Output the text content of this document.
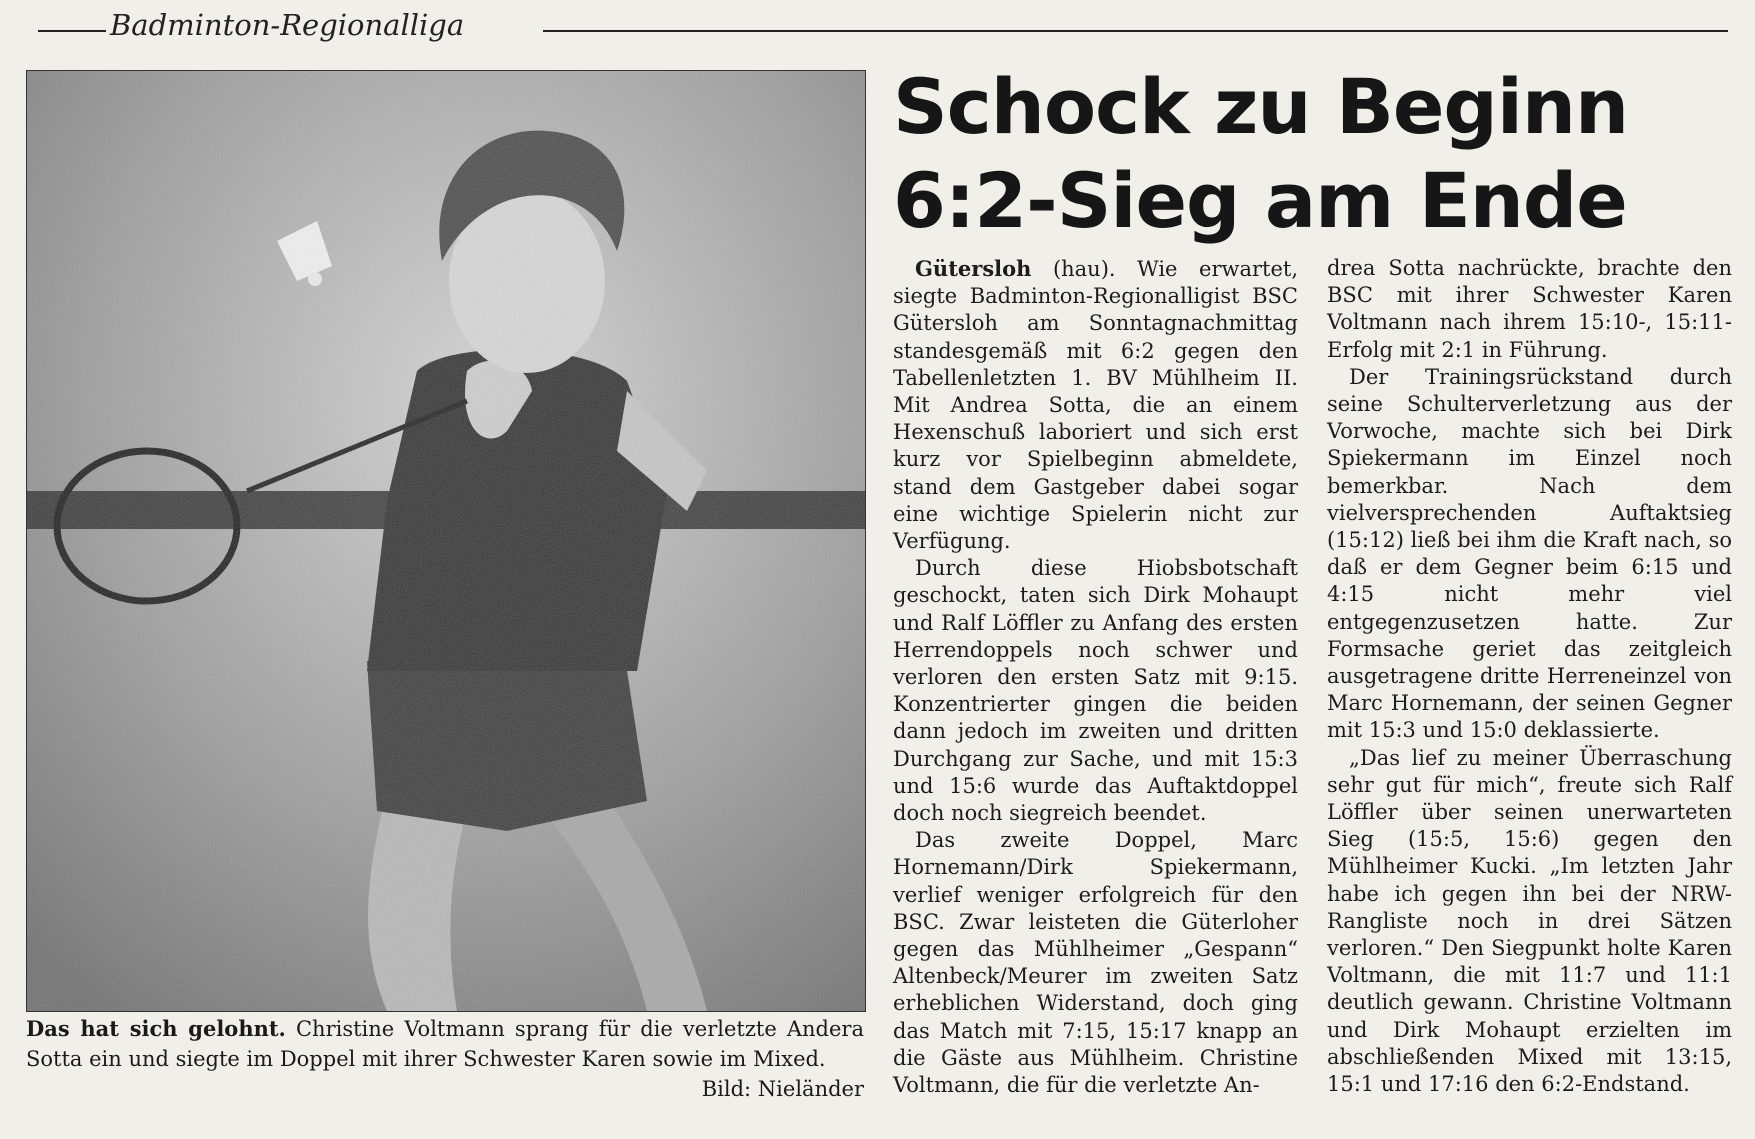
Badminton-Regionalliga
Das hat sich gelohnt. Christine Voltmann sprang für die verletzte Andera Sotta ein und siegte im Doppel mit ihrer Schwester Karen sowie im Mixed.
Bild: Nieländer
Schock zu Beginn
6:2-Sieg am Ende

Gütersloh (hau). Wie erwartet, siegte Badminton-Regionalligist BSC Gütersloh am Sonntagnachmittag standesgemäß mit 6:2 gegen den Tabellenletzten 1. BV Mühlheim II. Mit Andrea Sotta, die an einem Hexenschuß laboriert und sich erst kurz vor Spielbeginn abmeldete, stand dem Gastgeber dabei sogar eine wichtige Spielerin nicht zur Verfügung.

Durch diese Hiobsbotschaft geschockt, taten sich Dirk Mohaupt und Ralf Löffler zu Anfang des ersten Herrendoppels noch schwer und verloren den ersten Satz mit 9:15. Konzentrierter gingen die beiden dann jedoch im zweiten und dritten Durchgang zur Sache, und mit 15:3 und 15:6 wurde das Auftaktdoppel doch noch siegreich beendet.

Das zweite Doppel, Marc Hornemann/Dirk Spiekermann, verlief weniger erfolgreich für den BSC. Zwar leisteten die Güterloher gegen das Mühlheimer „Gespann“ Altenbeck/Meurer im zweiten Satz erheblichen Widerstand, doch ging das Match mit 7:15, 15:17 knapp an die Gäste aus Mühlheim. Christine Voltmann, die für die verletzte An-

drea Sotta nachrückte, brachte den BSC mit ihrer Schwester Karen Voltmann nach ihrem 15:10-, 15:11-Erfolg mit 2:1 in Führung.

Der Trainingsrückstand durch seine Schulterverletzung aus der Vorwoche, machte sich bei Dirk Spiekermann im Einzel noch bemerkbar. Nach dem vielversprechenden Auftaktsieg (15:12) ließ bei ihm die Kraft nach, so daß er dem Gegner beim 6:15 und 4:15 nicht mehr viel entgegenzusetzen hatte. Zur Formsache geriet das zeitgleich ausgetragene dritte Herreneinzel von Marc Hornemann, der seinen Gegner mit 15:3 und 15:0 deklassierte.

„Das lief zu meiner Überraschung sehr gut für mich“, freute sich Ralf Löffler über seinen unerwarteten Sieg (15:5, 15:6) gegen den Mühlheimer Kucki. „Im letzten Jahr habe ich gegen ihn bei der NRW-Rangliste noch in drei Sätzen verloren.“ Den Siegpunkt holte Karen Voltmann, die mit 11:7 und 11:1 deutlich gewann. Christine Voltmann und Dirk Mohaupt erzielten im abschließenden Mixed mit 13:15, 15:1 und 17:16 den 6:2-Endstand.
